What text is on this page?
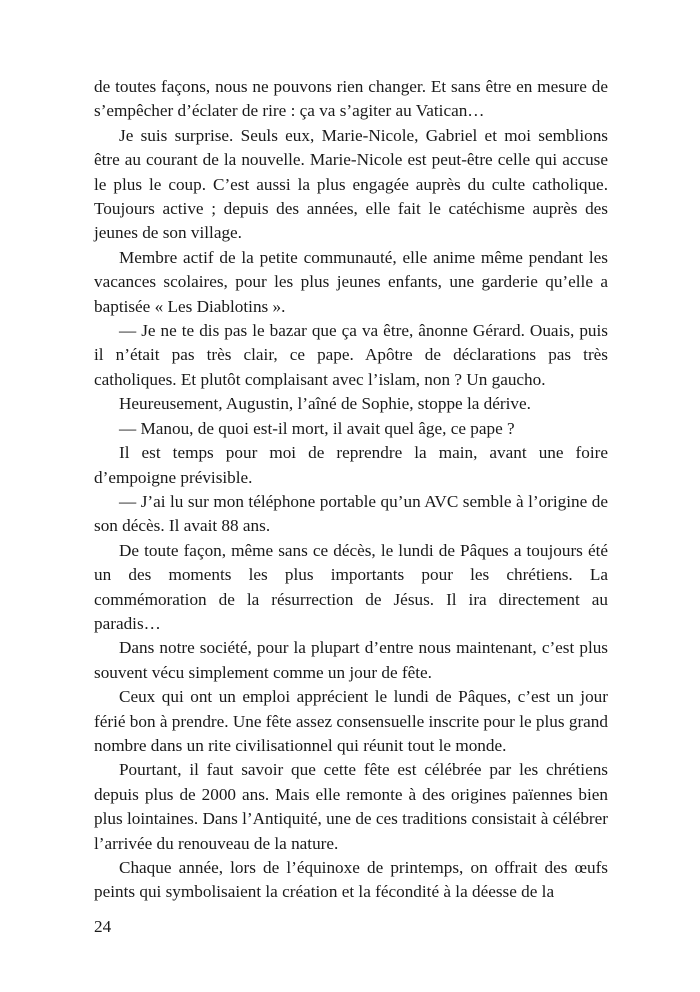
de toutes façons, nous ne pouvons rien changer. Et sans être en mesure de s’empêcher d’éclater de rire : ça va s’agiter au Vatican…

Je suis surprise. Seuls eux, Marie-Nicole, Gabriel et moi semblions être au courant de la nouvelle. Marie-Nicole est peut-être celle qui accuse le plus le coup. C’est aussi la plus engagée auprès du culte catholique. Toujours active ; depuis des années, elle fait le catéchisme auprès des jeunes de son village.

Membre actif de la petite communauté, elle anime même pendant les vacances scolaires, pour les plus jeunes enfants, une garderie qu’elle a baptisée « Les Diablotins ».

— Je ne te dis pas le bazar que ça va être, ânonne Gérard. Ouais, puis il n’était pas très clair, ce pape. Apôtre de déclarations pas très catholiques. Et plutôt complaisant avec l’islam, non ? Un gaucho.

Heureusement, Augustin, l’aîné de Sophie, stoppe la dérive.

— Manou, de quoi est-il mort, il avait quel âge, ce pape ?

Il est temps pour moi de reprendre la main, avant une foire d’empoigne prévisible.

— J’ai lu sur mon téléphone portable qu’un AVC semble à l’origine de son décès. Il avait 88 ans.

De toute façon, même sans ce décès, le lundi de Pâques a toujours été un des moments les plus importants pour les chrétiens. La commémoration de la résurrection de Jésus. Il ira directement au paradis…

Dans notre société, pour la plupart d’entre nous maintenant, c’est plus souvent vécu simplement comme un jour de fête.

Ceux qui ont un emploi apprécient le lundi de Pâques, c’est un jour férié bon à prendre. Une fête assez consensuelle inscrite pour le plus grand nombre dans un rite civilisationnel qui réunit tout le monde.

Pourtant, il faut savoir que cette fête est célébrée par les chrétiens depuis plus de 2000 ans. Mais elle remonte à des origines païennes bien plus lointaines. Dans l’Antiquité, une de ces traditions consistait à célébrer l’arrivée du renouveau de la nature.

Chaque année, lors de l’équinoxe de printemps, on offrait des œufs peints qui symbolisaient la création et la fécondité à la déesse de la

24
